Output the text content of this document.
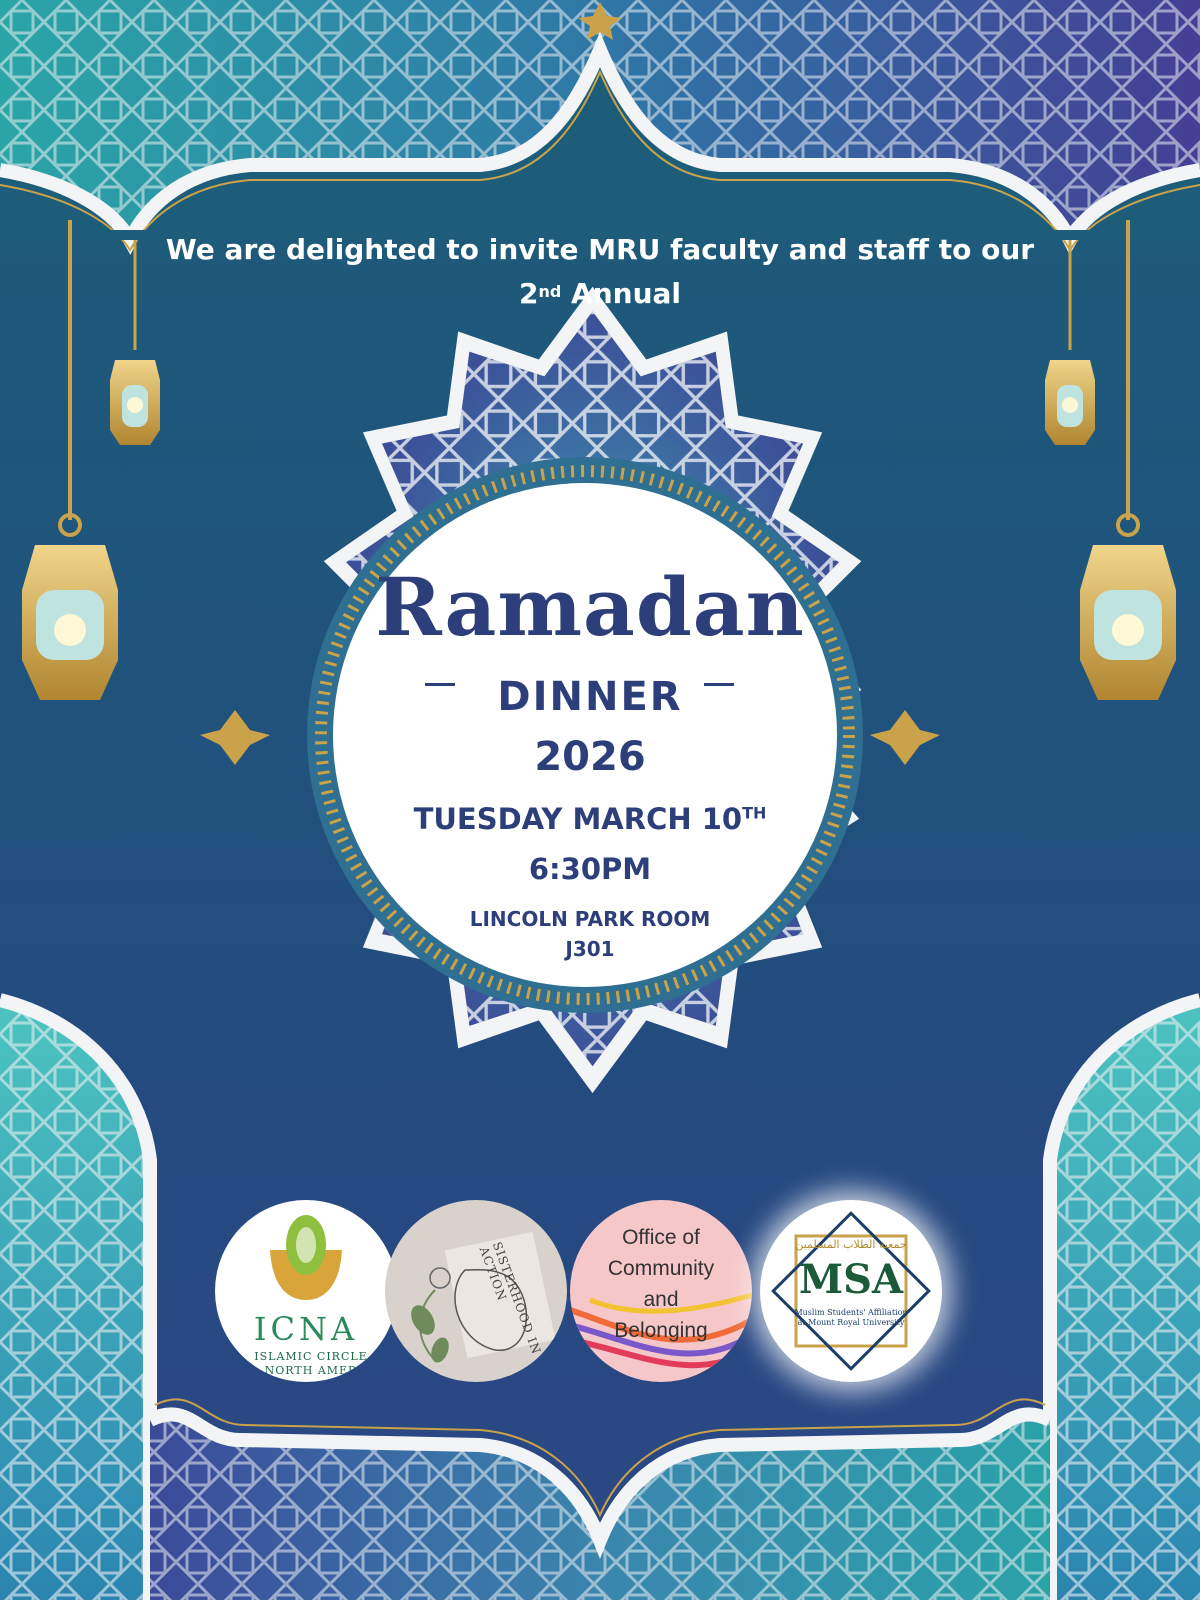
We are delighted to invite MRU faculty and staff to our
2nd Annual
Ramadan
DINNER
2026
TUESDAY MARCH 10TH
6:30PM
LINCOLN PARK ROOM
J301
ICNA
ISLAMIC CIRCLE
NORTH AMER
SISTERHOOD IN ACTION
Office of
Community
and
Belonging
جمعية الطلاب المسلمين
MSA
Muslim Students' Affiliation
at Mount Royal University
